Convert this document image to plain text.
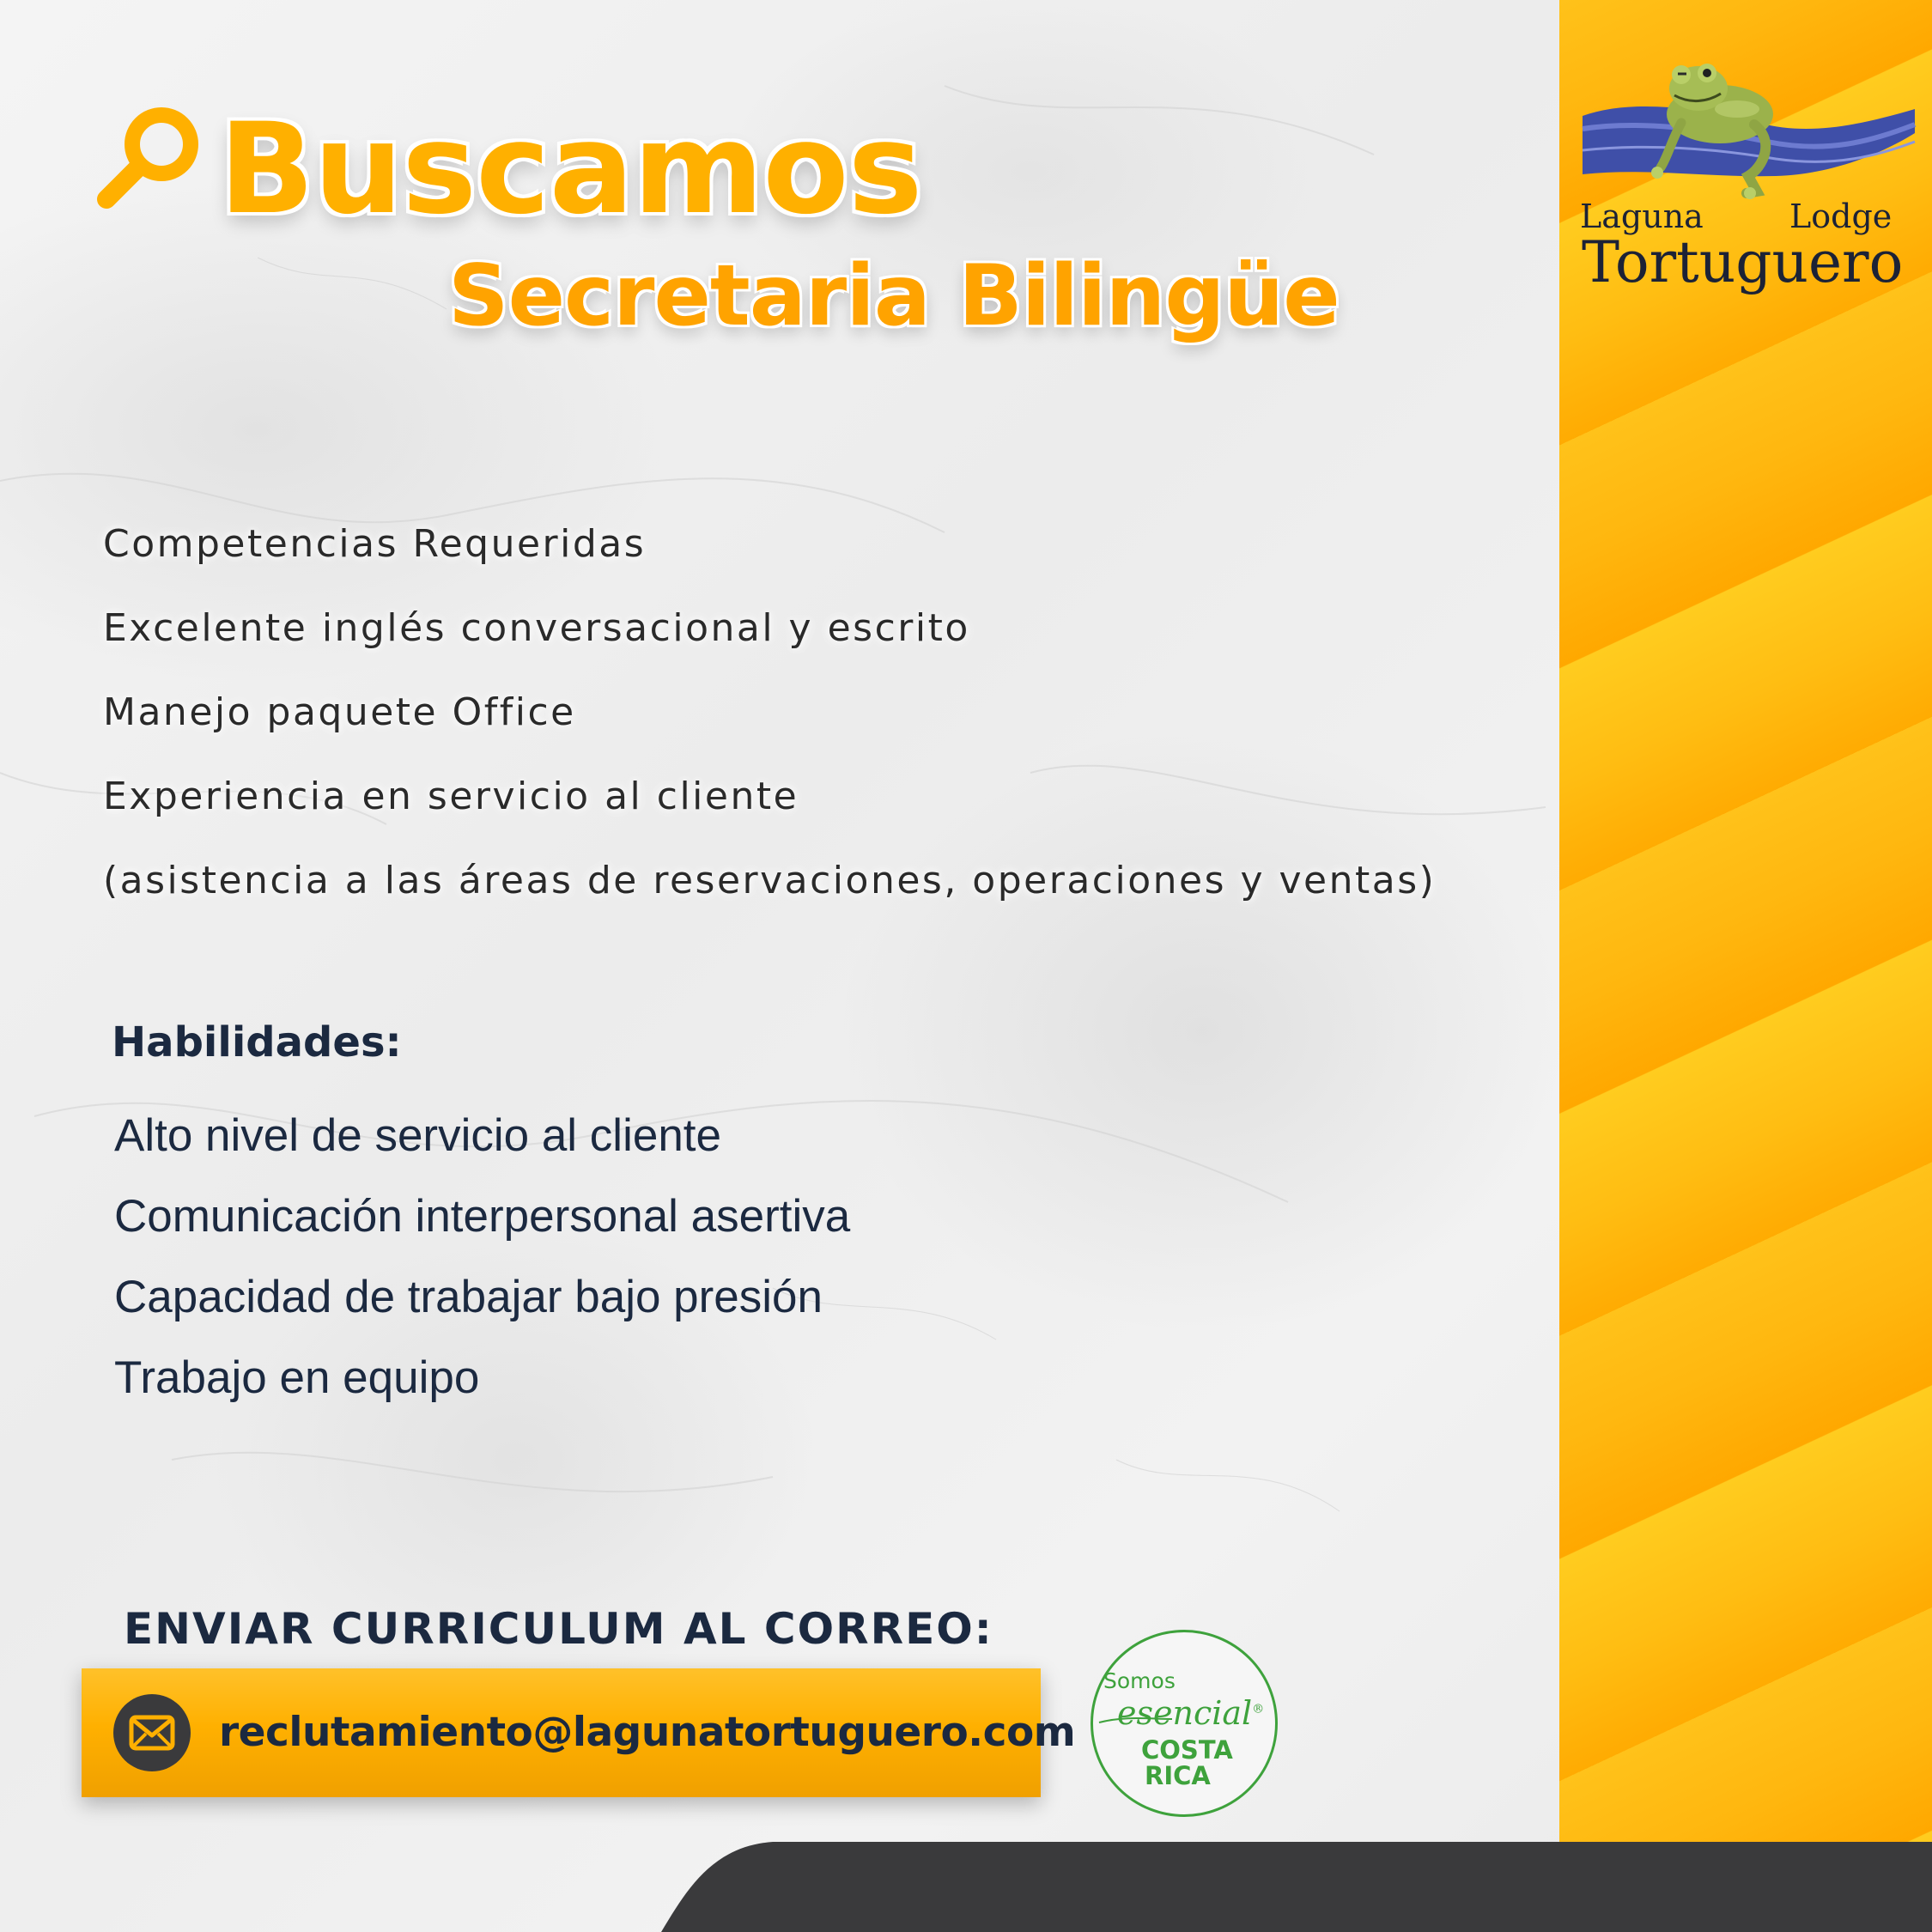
Laguna	Lodge
Tortuguero
Buscamos
Secretaria Bilingüe
Competencias Requeridas
Excelente inglés conversacional y escrito
Manejo paquete Office
Experiencia en servicio al cliente
(asistencia a las áreas de reservaciones, operaciones y ventas)
Habilidades:
Alto nivel de servicio al cliente
Comunicación interpersonal asertiva
Capacidad de trabajar bajo presión
Trabajo en equipo
ENVIAR CURRICULUM AL CORREO:
reclutamiento@lagunatortuguero.com
Somos
esencial®
COSTA
RICA
